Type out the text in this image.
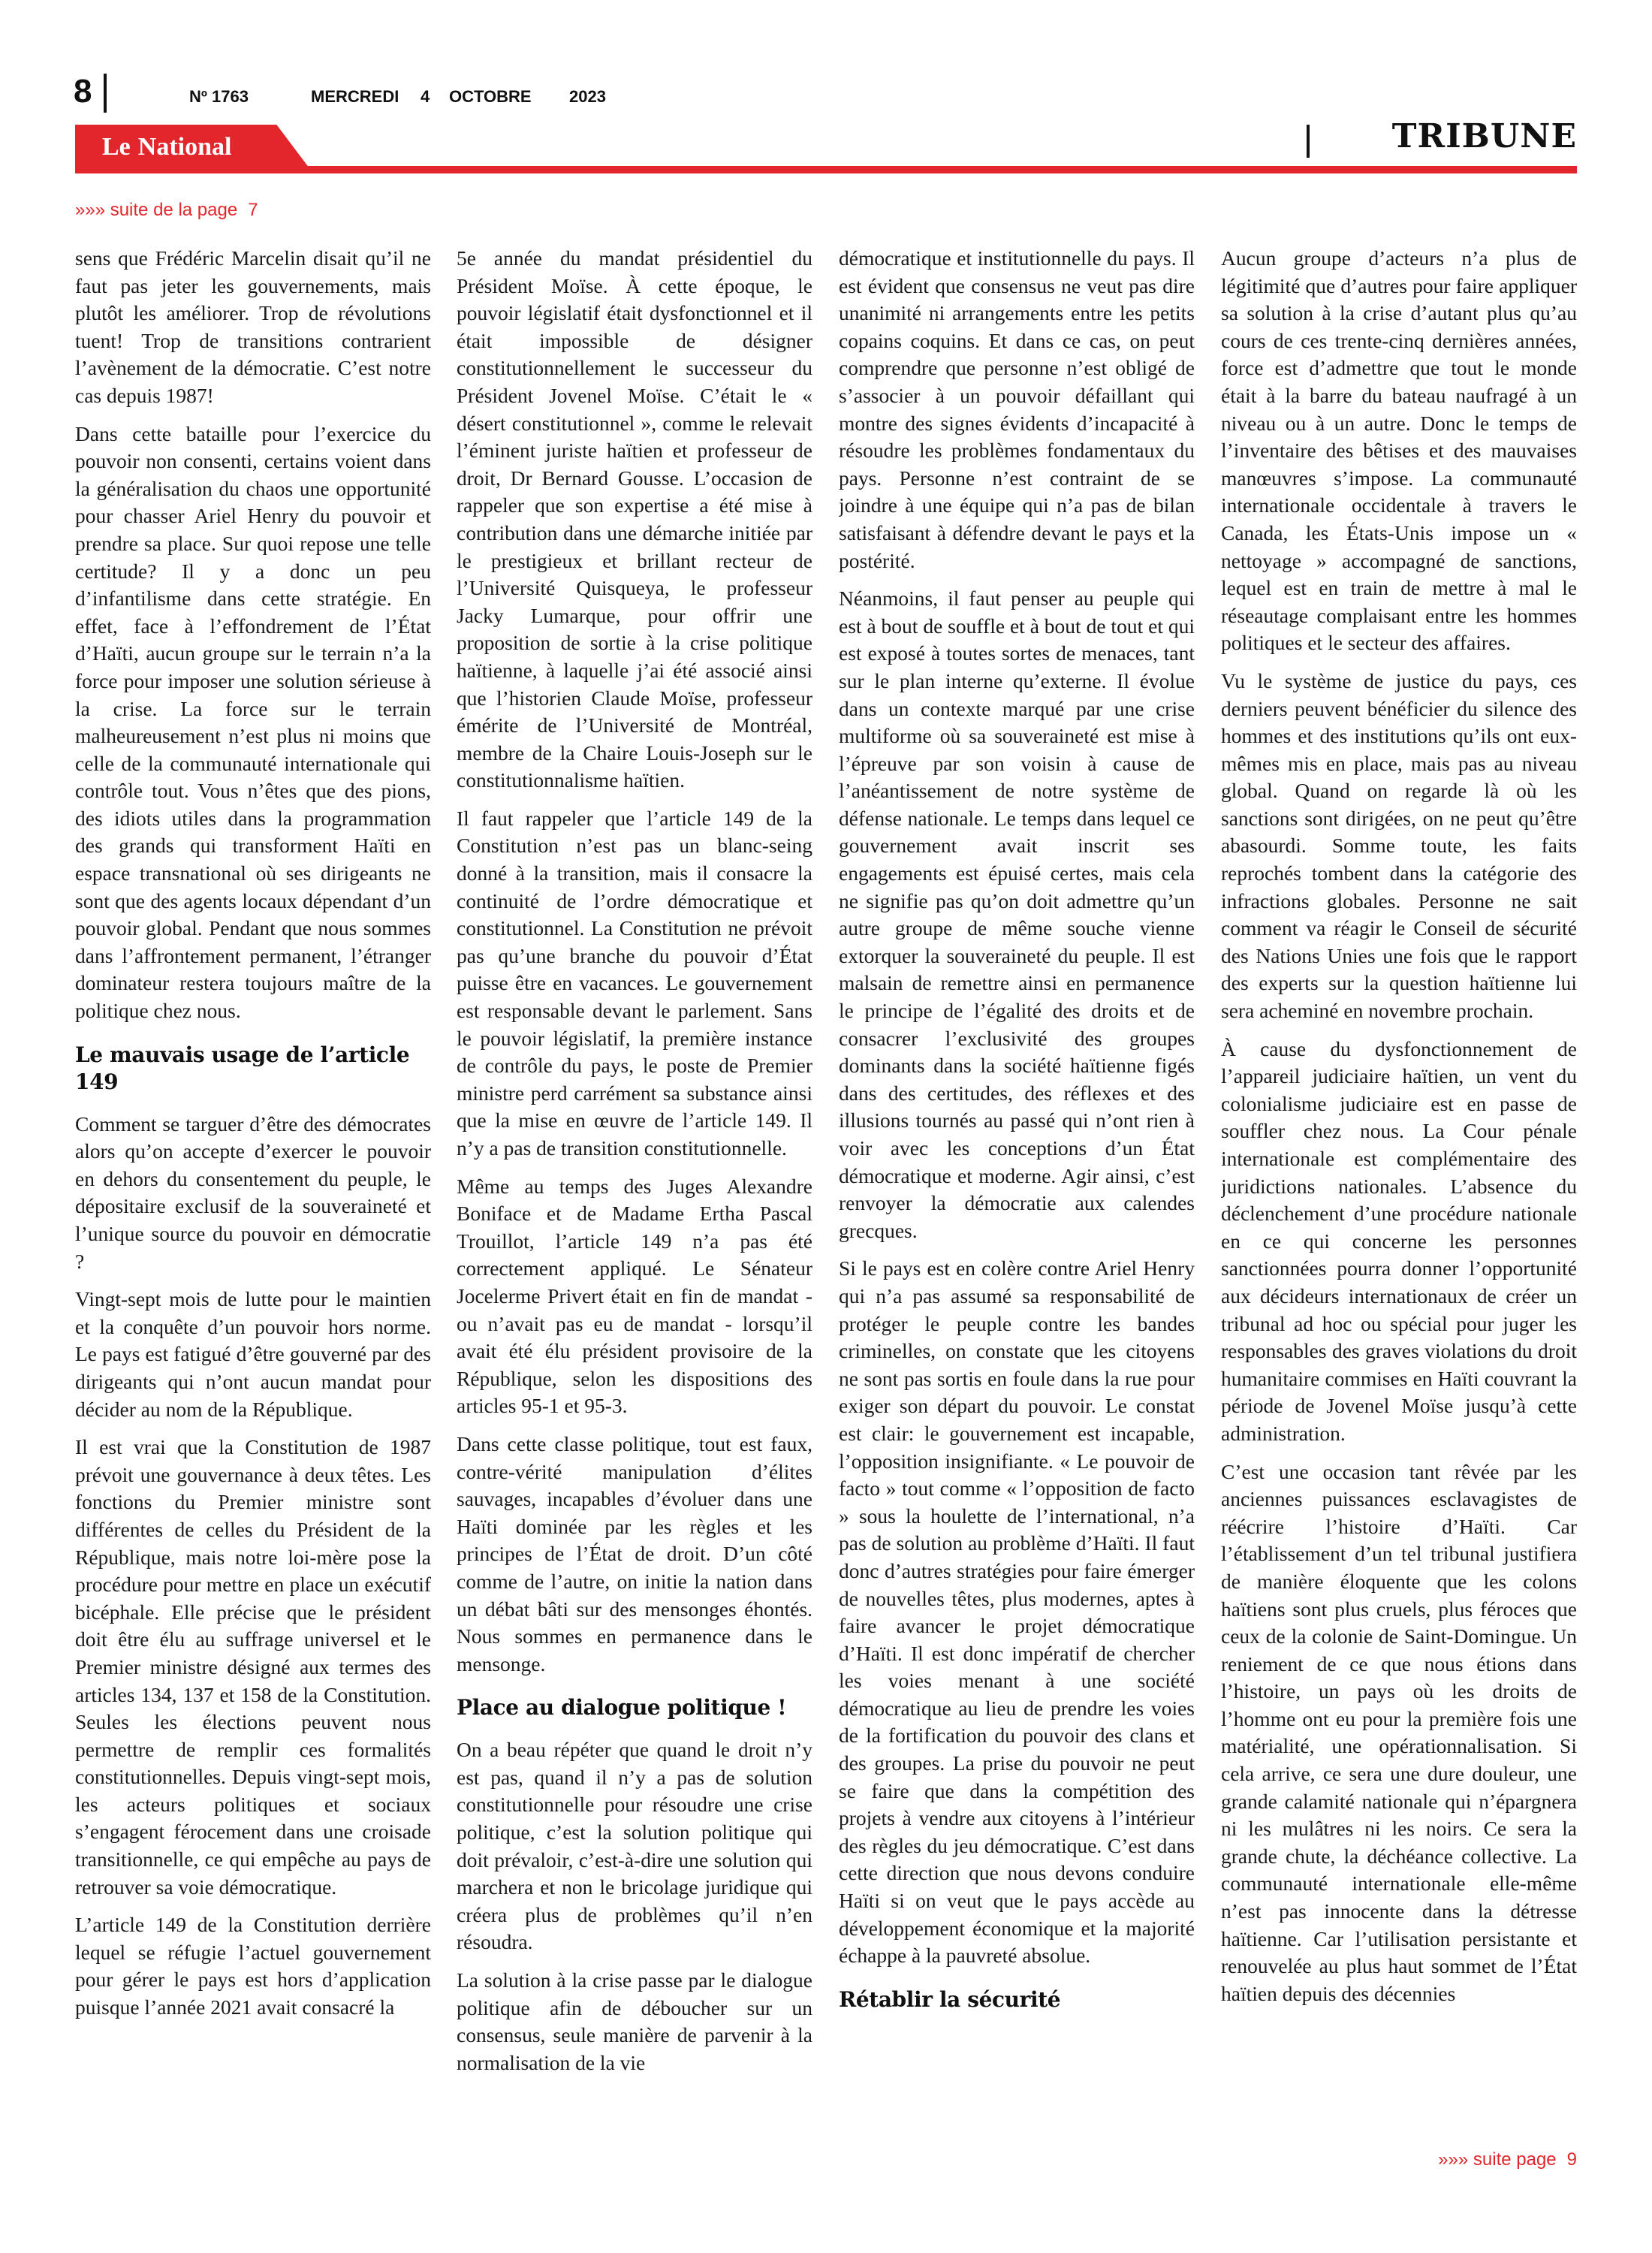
8	Nº 1763	MERCREDI 4 OCTOBRE 2023
Le National	TRIBUNE
»»» suite de la page 7

sens que Frédéric Marcelin disait qu’il ne faut pas jeter les gouvernements, mais plutôt les améliorer. Trop de révolutions tuent! Trop de transitions contrarient l’avènement de la démocratie. C’est notre cas depuis 1987!

Dans cette bataille pour l’exercice du pouvoir non consenti, certains voient dans la généralisation du chaos une opportunité pour chasser Ariel Henry du pouvoir et prendre sa place. Sur quoi repose une telle certitude? Il y a donc un peu d’infantilisme dans cette stratégie. En effet, face à l’effondrement de l’État d’Haïti, aucun groupe sur le terrain n’a la force pour imposer une solution sérieuse à la crise. La force sur le terrain malheureusement n’est plus ni moins que celle de la communauté internationale qui contrôle tout. Vous n’êtes que des pions, des idiots utiles dans la programmation des grands qui transforment Haïti en espace transnational où ses dirigeants ne sont que des agents locaux dépendant d’un pouvoir global. Pendant que nous sommes dans l’affrontement permanent, l’étranger dominateur restera toujours maître de la politique chez nous.

Le mauvais usage de l’article 149

Comment se targuer d’être des démocrates alors qu’on accepte d’exercer le pouvoir en dehors du consentement du peuple, le dépositaire exclusif de la souveraineté et l’unique source du pouvoir en démocratie ?

Vingt-sept mois de lutte pour le maintien et la conquête d’un pouvoir hors norme. Le pays est fatigué d’être gouverné par des dirigeants qui n’ont aucun mandat pour décider au nom de la République.

Il est vrai que la Constitution de 1987 prévoit une gouvernance à deux têtes. Les fonctions du Premier ministre sont différentes de celles du Président de la République, mais notre loi-mère pose la procédure pour mettre en place un exécutif bicéphale. Elle précise que le président doit être élu au suffrage universel et le Premier ministre désigné aux termes des articles 134, 137 et 158 de la Constitution. Seules les élections peuvent nous permettre de remplir ces formalités constitutionnelles. Depuis vingt-sept mois, les acteurs politiques et sociaux s’engagent férocement dans une croisade transitionnelle, ce qui empêche au pays de retrouver sa voie démocratique.

L’article 149 de la Constitution derrière lequel se réfugie l’actuel gouvernement pour gérer le pays est hors d’application puisque l’année 2021 avait consacré la

5e année du mandat présidentiel du Président Moïse. À cette époque, le pouvoir législatif était dysfonctionnel et il était impossible de désigner constitutionnellement le successeur du Président Jovenel Moïse. C’était le « désert constitutionnel », comme le relevait l’éminent juriste haïtien et professeur de droit, Dr Bernard Gousse. L’occasion de rappeler que son expertise a été mise à contribution dans une démarche initiée par le prestigieux et brillant recteur de l’Université Quisqueya, le professeur Jacky Lumarque, pour offrir une proposition de sortie à la crise politique haïtienne, à laquelle j’ai été associé ainsi que l’historien Claude Moïse, professeur émérite de l’Université de Montréal, membre de la Chaire Louis-Joseph sur le constitutionnalisme haïtien.

Il faut rappeler que l’article 149 de la Constitution n’est pas un blanc-seing donné à la transition, mais il consacre la continuité de l’ordre démocratique et constitutionnel. La Constitution ne prévoit pas qu’une branche du pouvoir d’État puisse être en vacances. Le gouvernement est responsable devant le parlement. Sans le pouvoir législatif, la première instance de contrôle du pays, le poste de Premier ministre perd carrément sa substance ainsi que la mise en œuvre de l’article 149. Il n’y a pas de transition constitutionnelle.

Même au temps des Juges Alexandre Boniface et de Madame Ertha Pascal Trouillot, l’article 149 n’a pas été correctement appliqué. Le Sénateur Jocelerme Privert était en fin de mandat - ou n’avait pas eu de mandat - lorsqu’il avait été élu président provisoire de la République, selon les dispositions des articles 95-1 et 95-3.

Dans cette classe politique, tout est faux, contre-vérité manipulation d’élites sauvages, incapables d’évoluer dans une Haïti dominée par les règles et les principes de l’État de droit. D’un côté comme de l’autre, on initie la nation dans un débat bâti sur des mensonges éhontés. Nous sommes en permanence dans le mensonge.

Place au dialogue politique !

On a beau répéter que quand le droit n’y est pas, quand il n’y a pas de solution constitutionnelle pour résoudre une crise politique, c’est la solution politique qui doit prévaloir, c’est-à-dire une solution qui marchera et non le bricolage juridique qui créera plus de problèmes qu’il n’en résoudra.

La solution à la crise passe par le dialogue politique afin de déboucher sur un consensus, seule manière de parvenir à la normalisation de la vie

démocratique et institutionnelle du pays. Il est évident que consensus ne veut pas dire unanimité ni arrangements entre les petits copains coquins. Et dans ce cas, on peut comprendre que personne n’est obligé de s’associer à un pouvoir défaillant qui montre des signes évidents d’incapacité à résoudre les problèmes fondamentaux du pays. Personne n’est contraint de se joindre à une équipe qui n’a pas de bilan satisfaisant à défendre devant le pays et la postérité.

Néanmoins, il faut penser au peuple qui est à bout de souffle et à bout de tout et qui est exposé à toutes sortes de menaces, tant sur le plan interne qu’externe. Il évolue dans un contexte marqué par une crise multiforme où sa souveraineté est mise à l’épreuve par son voisin à cause de l’anéantissement de notre système de défense nationale. Le temps dans lequel ce gouvernement avait inscrit ses engagements est épuisé certes, mais cela ne signifie pas qu’on doit admettre qu’un autre groupe de même souche vienne extorquer la souveraineté du peuple. Il est malsain de remettre ainsi en permanence le principe de l’égalité des droits et de consacrer l’exclusivité des groupes dominants dans la société haïtienne figés dans des certitudes, des réflexes et des illusions tournés au passé qui n’ont rien à voir avec les conceptions d’un État démocratique et moderne. Agir ainsi, c’est renvoyer la démocratie aux calendes grecques.

Si le pays est en colère contre Ariel Henry qui n’a pas assumé sa responsabilité de protéger le peuple contre les bandes criminelles, on constate que les citoyens ne sont pas sortis en foule dans la rue pour exiger son départ du pouvoir. Le constat est clair: le gouvernement est incapable, l’opposition insignifiante. « Le pouvoir de facto » tout comme « l’opposition de facto » sous la houlette de l’international, n’a pas de solution au problème d’Haïti. Il faut donc d’autres stratégies pour faire émerger de nouvelles têtes, plus modernes, aptes à faire avancer le projet démocratique d’Haïti. Il est donc impératif de chercher les voies menant à une société démocratique au lieu de prendre les voies de la fortification du pouvoir des clans et des groupes. La prise du pouvoir ne peut se faire que dans la compétition des projets à vendre aux citoyens à l’intérieur des règles du jeu démocratique. C’est dans cette direction que nous devons conduire Haïti si on veut que le pays accède au développement économique et la majorité échappe à la pauvreté absolue.

Rétablir la sécurité

Aucun groupe d’acteurs n’a plus de légitimité que d’autres pour faire appliquer sa solution à la crise d’autant plus qu’au cours de ces trente-cinq dernières années, force est d’admettre que tout le monde était à la barre du bateau naufragé à un niveau ou à un autre. Donc le temps de l’inventaire des bêtises et des mauvaises manœuvres s’impose. La communauté internationale occidentale à travers le Canada, les États-Unis impose un « nettoyage » accompagné de sanctions, lequel est en train de mettre à mal le réseautage complaisant entre les hommes politiques et le secteur des affaires.

Vu le système de justice du pays, ces derniers peuvent bénéficier du silence des hommes et des institutions qu’ils ont eux-mêmes mis en place, mais pas au niveau global. Quand on regarde là où les sanctions sont dirigées, on ne peut qu’être abasourdi. Somme toute, les faits reprochés tombent dans la catégorie des infractions globales. Personne ne sait comment va réagir le Conseil de sécurité des Nations Unies une fois que le rapport des experts sur la question haïtienne lui sera acheminé en novembre prochain.

À cause du dysfonctionnement de l’appareil judiciaire haïtien, un vent du colonialisme judiciaire est en passe de souffler chez nous. La Cour pénale internationale est complémentaire des juridictions nationales. L’absence du déclenchement d’une procédure nationale en ce qui concerne les personnes sanctionnées pourra donner l’opportunité aux décideurs internationaux de créer un tribunal ad hoc ou spécial pour juger les responsables des graves violations du droit humanitaire commises en Haïti couvrant la période de Jovenel Moïse jusqu’à cette administration.

C’est une occasion tant rêvée par les anciennes puissances esclavagistes de réécrire l’histoire d’Haïti. Car l’établissement d’un tel tribunal justifiera de manière éloquente que les colons haïtiens sont plus cruels, plus féroces que ceux de la colonie de Saint-Domingue. Un reniement de ce que nous étions dans l’histoire, un pays où les droits de l’homme ont eu pour la première fois une matérialité, une opérationnalisation. Si cela arrive, ce sera une dure douleur, une grande calamité nationale qui n’épargnera ni les mulâtres ni les noirs. Ce sera la grande chute, la déchéance collective. La communauté internationale elle-même n’est pas innocente dans la détresse haïtienne. Car l’utilisation persistante et renouvelée au plus haut sommet de l’État haïtien depuis des décennies

»»» suite page 9
